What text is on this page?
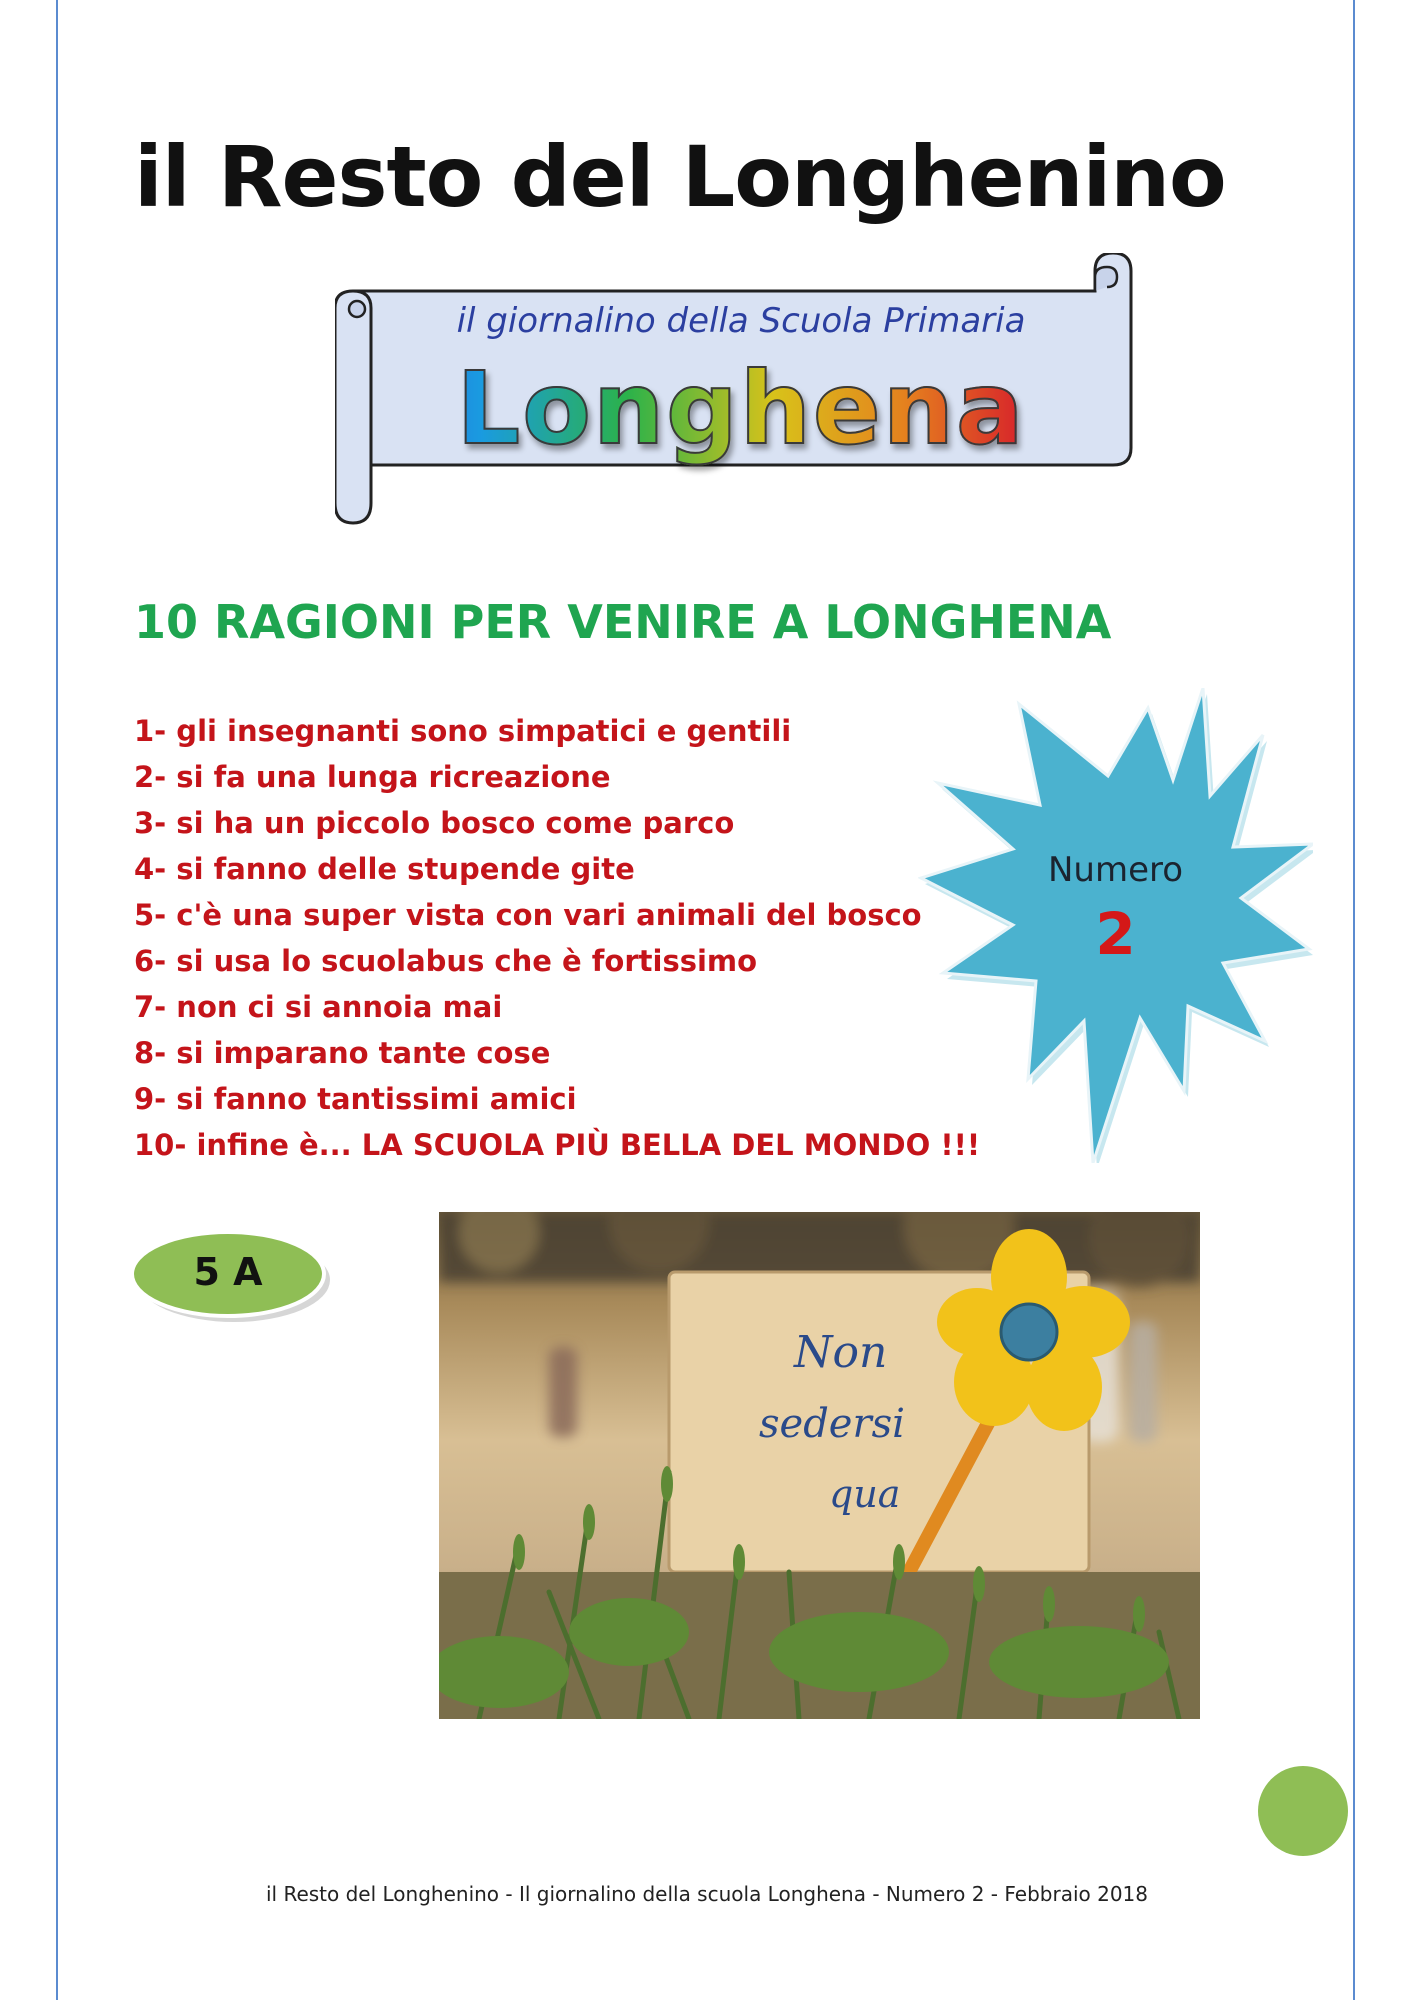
il Resto del Longhenino
il giornalino della Scuola Primaria
Longhena
10 RAGIONI PER VENIRE A LONGHENA
1- gli insegnanti sono simpatici e gentili
2- si fa una lunga ricreazione
3- si ha un piccolo bosco come parco
4- si fanno delle stupende gite
5- c'è una super vista con vari animali del bosco
6- si usa lo scuolabus che è fortissimo
7- non ci si annoia mai
8- si imparano tante cose
9- si fanno tantissimi amici
10- infine è... LA SCUOLA PIÙ BELLA DEL MONDO !!!
Numero
2
5 A
Non
sedersi
qua
il Resto del Longhenino - Il giornalino della scuola Longhena - Numero 2 - Febbraio 2018
